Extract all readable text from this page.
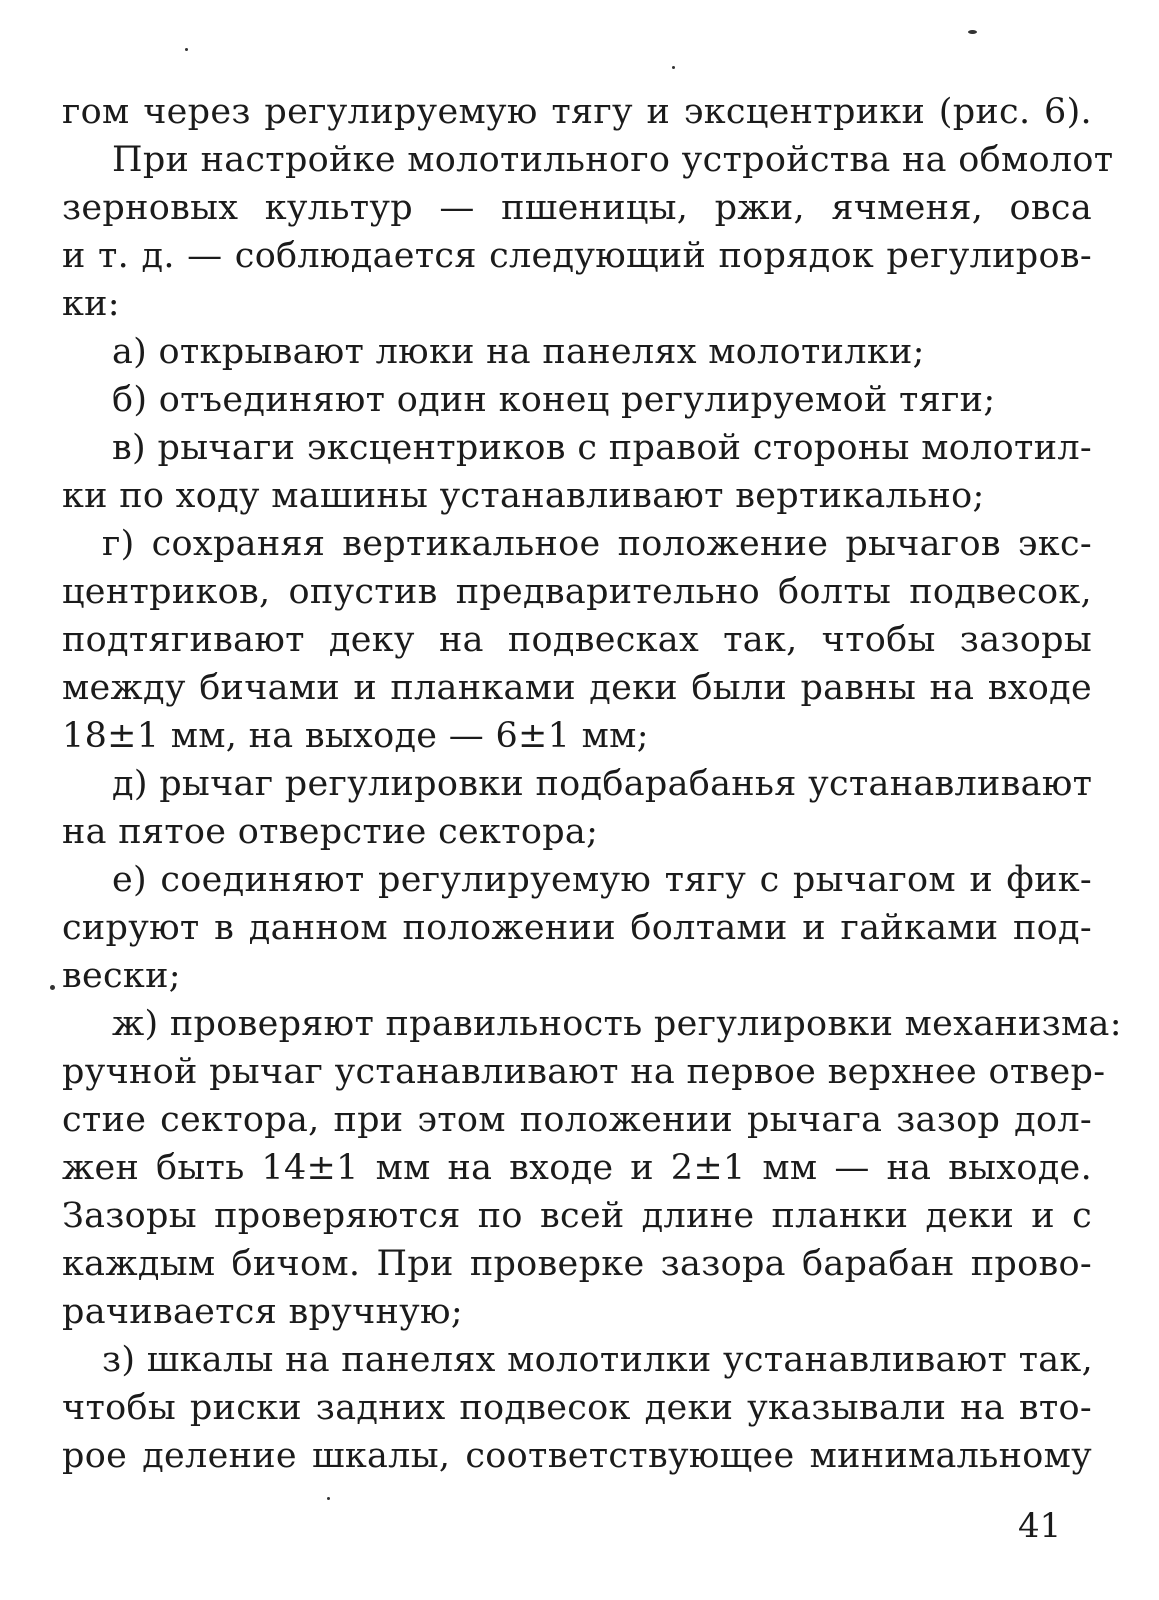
гом через регулируемую тягу и эксцентрики (рис. 6).
При настройке молотильного устройства на обмолот
зерновых культур — пшеницы, ржи, ячменя, овса
и т. д. — соблюдается следующий порядок регулиров-
ки:
а) открывают люки на панелях молотилки;
б) отъединяют один конец регулируемой тяги;
в) рычаги эксцентриков с правой стороны молотил-
ки по ходу машины устанавливают вертикально;
г) сохраняя вертикальное положение рычагов экс-
центриков, опустив предварительно болты подвесок,
подтягивают деку на подвесках так, чтобы зазоры
между бичами и планками деки были равны на входе
18±1 мм, на выходе — 6±1 мм;
д) рычаг регулировки подбарабанья устанавливают
на пятое отверстие сектора;
е) соединяют регулируемую тягу с рычагом и фик-
сируют в данном положении болтами и гайками под-
вески;
ж) проверяют правильность регулировки механизма:
ручной рычаг устанавливают на первое верхнее отвер-
стие сектора, при этом положении рычага зазор дол-
жен быть 14±1 мм на входе и 2±1 мм — на выходе.
Зазоры проверяются по всей длине планки деки и с
каждым бичом. При проверке зазора барабан прово-
рачивается вручную;
з) шкалы на панелях молотилки устанавливают так,
чтобы риски задних подвесок деки указывали на вто-
рое деление шкалы, соответствующее минимальному
41
